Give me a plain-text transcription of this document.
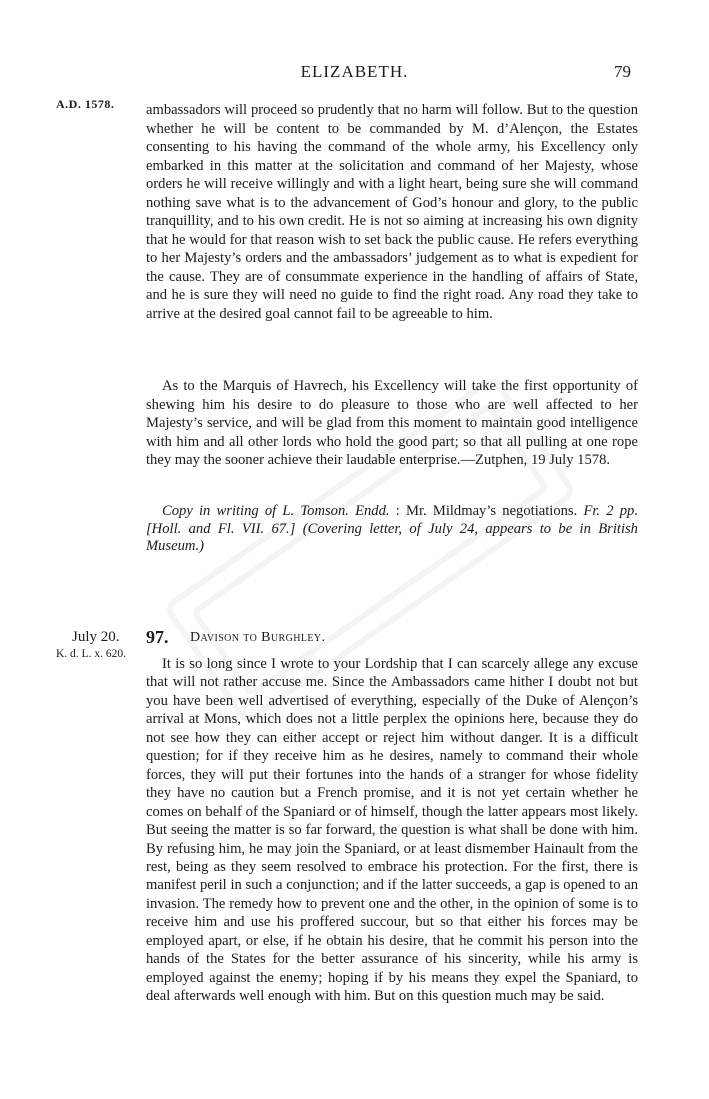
ELIZABETH.	79
A.D. 1578. ambassadors will proceed so prudently that no harm will follow. But to the question whether he will be content to be commanded by M. d’Alençon, the Estates consenting to his having the command of the whole army, his Excellency only embarked in this matter at the solicitation and command of her Majesty, whose orders he will receive willingly and with a light heart, being sure she will command nothing save what is to the advancement of God’s honour and glory, to the public tranquillity, and to his own credit. He is not so aiming at increasing his own dignity that he would for that reason wish to set back the public cause. He refers everything to her Majesty’s orders and the ambassadors’ judgement as to what is expedient for the cause. They are of consummate experience in the handling of affairs of State, and he is sure they will need no guide to find the right road. Any road they take to arrive at the desired goal cannot fail to be agreeable to him.

As to the Marquis of Havrech, his Excellency will take the first opportunity of shewing him his desire to do pleasure to those who are well affected to her Majesty’s service, and will be glad from this moment to maintain good intelligence with him and all other lords who hold the good part; so that all pulling at one rope they may the sooner achieve their laudable enterprise.—Zutphen, 19 July 1578.

Copy in writing of L. Tomson. Endd. : Mr. Mildmay’s negotiations. Fr. 2 pp. [Holl. and Fl. VII. 67.] (Covering letter, of July 24, appears to be in British Museum.)

July 20.
K. d. L. x. 620.
97. Davison to Burghley.

It is so long since I wrote to your Lordship that I can scarcely allege any excuse that will not rather accuse me. Since the Ambassadors came hither I doubt not but you have been well advertised of everything, especially of the Duke of Alençon’s arrival at Mons, which does not a little perplex the opinions here, because they do not see how they can either accept or reject him without danger. It is a difficult question; for if they receive him as he desires, namely to command their whole forces, they will put their fortunes into the hands of a stranger for whose fidelity they have no caution but a French promise, and it is not yet certain whether he comes on behalf of the Spaniard or of himself, though the latter appears most likely. But seeing the matter is so far forward, the question is what shall be done with him. By refusing him, he may join the Spaniard, or at least dismember Hainault from the rest, being as they seem resolved to embrace his protection. For the first, there is manifest peril in such a conjunction; and if the latter succeeds, a gap is opened to an invasion. The remedy how to prevent one and the other, in the opinion of some is to receive him and use his proffered succour, but so that either his forces may be employed apart, or else, if he obtain his desire, that he commit his person into the hands of the States for the better assurance of his sincerity, while his army is employed against the enemy; hoping if by his means they expel the Spaniard, to deal afterwards well enough with him. But on this question much may be said.
